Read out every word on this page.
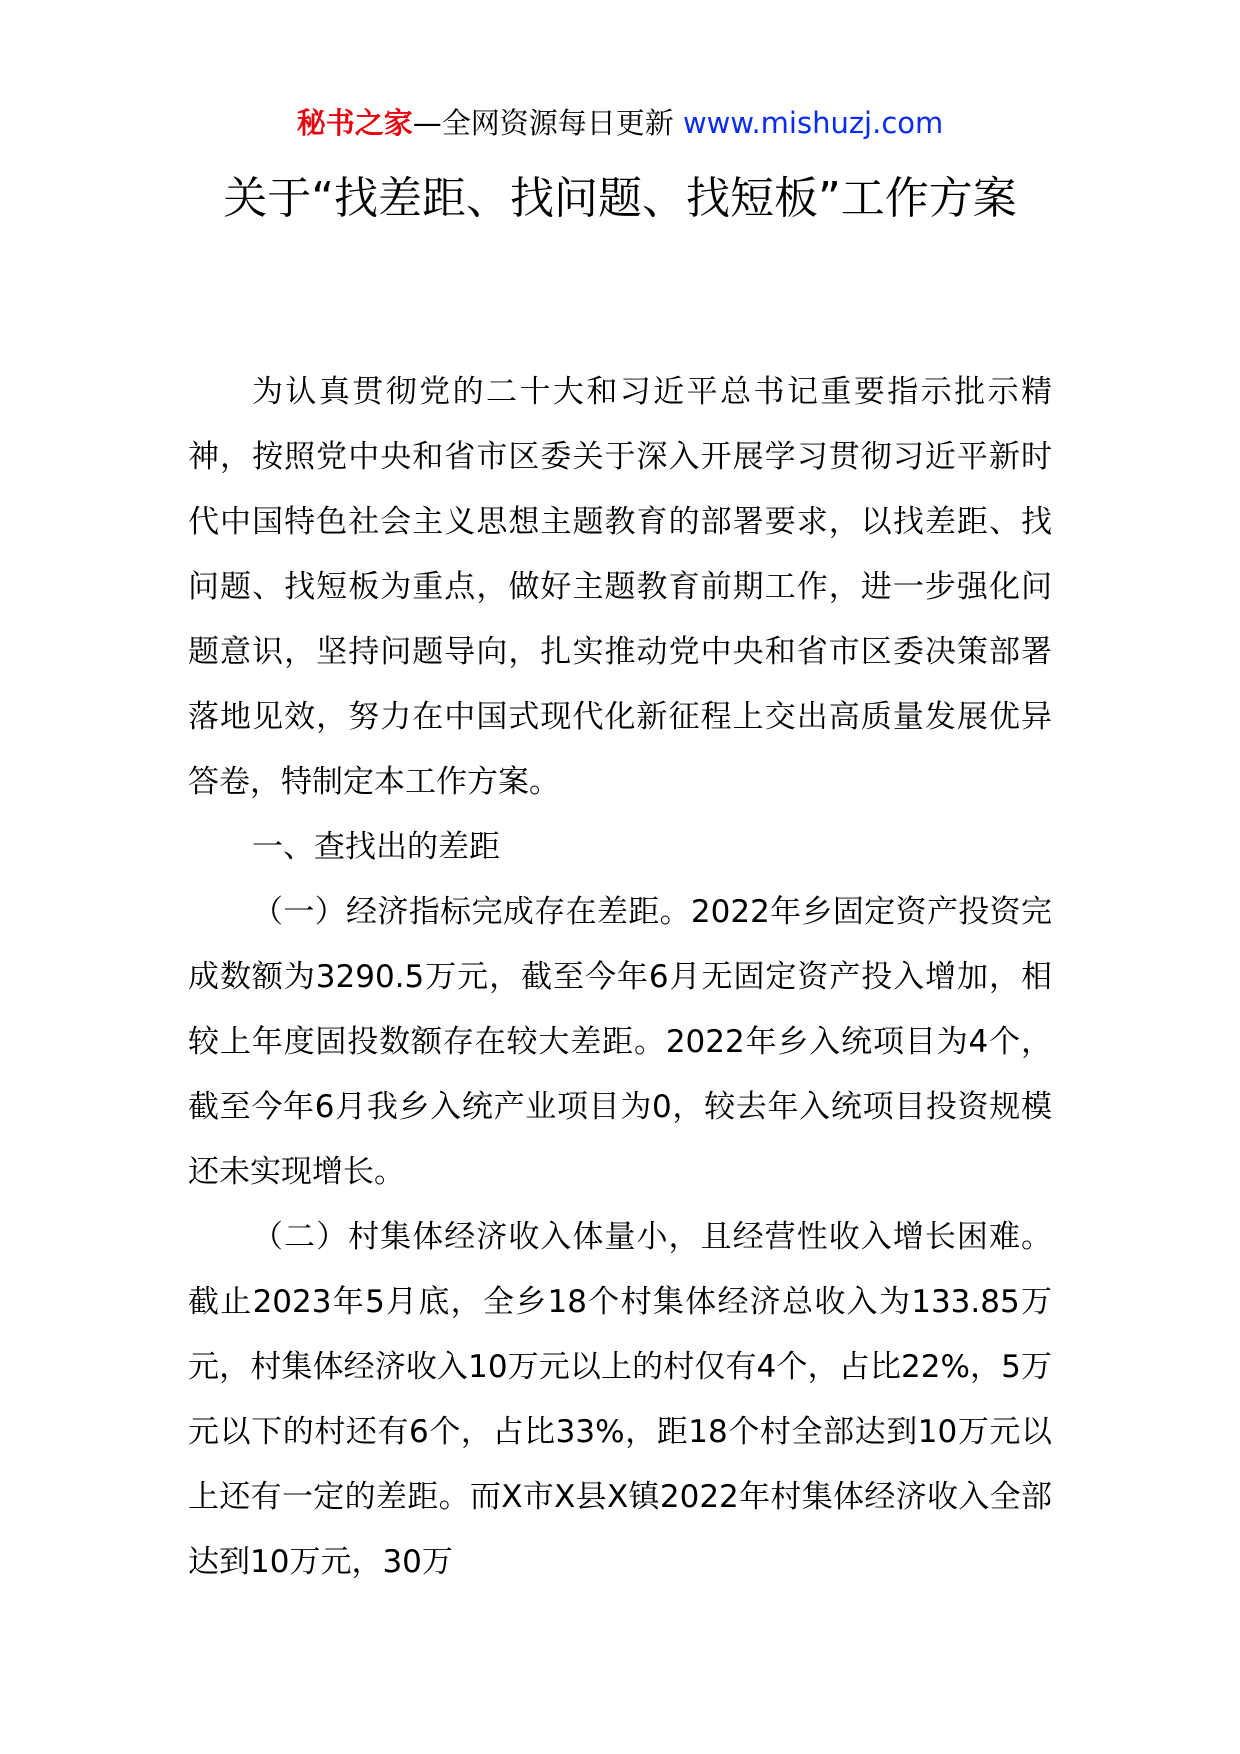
秘书之家—全网资源每日更新 www.mishuzj.com
关于“找差距、找问题、找短板”工作方案

为认真贯彻党的二十大和习近平总书记重要指示批示精神，按照党中央和省市区委关于深入开展学习贯彻习近平新时代中国特色社会主义思想主题教育的部署要求，以找差距、找问题、找短板为重点，做好主题教育前期工作，进一步强化问题意识，坚持问题导向，扎实推动党中央和省市区委决策部署落地见效，努力在中国式现代化新征程上交出高质量发展优异答卷，特制定本工作方案。

一、查找出的差距

（一）经济指标完成存在差距。2022年乡固定资产投资完成数额为3290.5万元，截至今年6月无固定资产投入增加，相较上年度固投数额存在较大差距。2022年乡入统项目为4个，截至今年6月我乡入统产业项目为0，较去年入统项目投资规模还未实现增长。

（二）村集体经济收入体量小，且经营性收入增长困难。截止2023年5月底，全乡18个村集体经济总收入为133.85万元，村集体经济收入10万元以上的村仅有4个，占比22%，5万元以下的村还有6个，占比33%，距18个村全部达到10万元以上还有一定的差距。而X市X县X镇2022年村集体经济收入全部达到10万元，30万
